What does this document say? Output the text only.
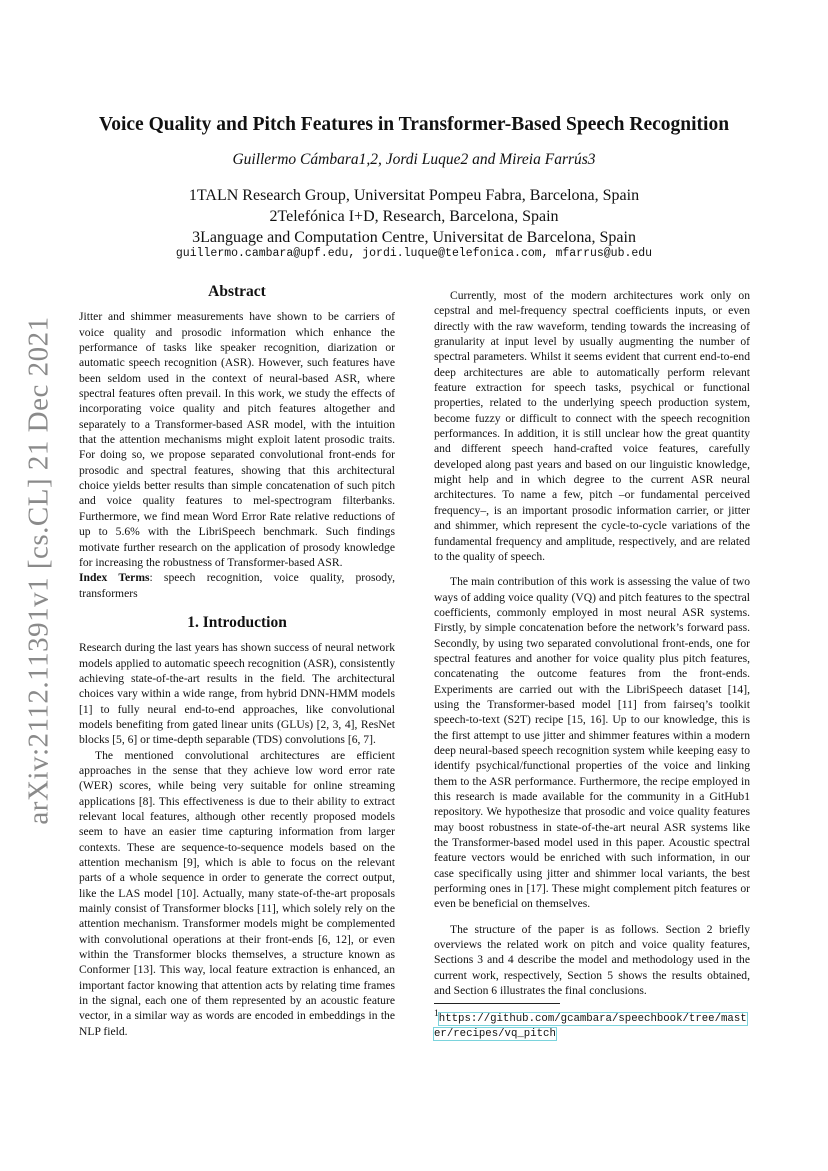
arXiv:2112.11391v1 [cs.CL] 21 Dec 2021
Voice Quality and Pitch Features in Transformer-Based Speech Recognition
Guillermo Cámbara1,2, Jordi Luque2 and Mireia Farrús3
1TALN Research Group, Universitat Pompeu Fabra, Barcelona, Spain
2Telefónica I+D, Research, Barcelona, Spain
3Language and Computation Centre, Universitat de Barcelona, Spain
guillermo.cambara@upf.edu, jordi.luque@telefonica.com, mfarrus@ub.edu

Abstract

Jitter and shimmer measurements have shown to be carriers of voice quality and prosodic information which enhance the performance of tasks like speaker recognition, diarization or automatic speech recognition (ASR). However, such features have been seldom used in the context of neural-based ASR, where spectral features often prevail. In this work, we study the effects of incorporating voice quality and pitch features altogether and separately to a Transformer-based ASR model, with the intuition that the attention mechanisms might exploit latent prosodic traits. For doing so, we propose separated convolutional front-ends for prosodic and spectral features, showing that this architectural choice yields better results than simple concatenation of such pitch and voice quality features to mel-spectrogram filterbanks. Furthermore, we find mean Word Error Rate relative reductions of up to 5.6% with the LibriSpeech benchmark. Such findings motivate further research on the application of prosody knowledge for increasing the robustness of Transformer-based ASR.

Index Terms: speech recognition, voice quality, prosody, transformers

1. Introduction

Research during the last years has shown success of neural network models applied to automatic speech recognition (ASR), consistently achieving state-of-the-art results in the field. The architectural choices vary within a wide range, from hybrid DNN-HMM models [1] to fully neural end-to-end approaches, like convolutional models benefiting from gated linear units (GLUs) [2, 3, 4], ResNet blocks [5, 6] or time-depth separable (TDS) convolutions [6, 7].

The mentioned convolutional architectures are efficient approaches in the sense that they achieve low word error rate (WER) scores, while being very suitable for online streaming applications [8]. This effectiveness is due to their ability to extract relevant local features, although other recently proposed models seem to have an easier time capturing information from larger contexts. These are sequence-to-sequence models based on the attention mechanism [9], which is able to focus on the relevant parts of a whole sequence in order to generate the correct output, like the LAS model [10]. Actually, many state-of-the-art proposals mainly consist of Transformer blocks [11], which solely rely on the attention mechanism. Transformer models might be complemented with convolutional operations at their front-ends [6, 12], or even within the Transformer blocks themselves, a structure known as Conformer [13]. This way, local feature extraction is enhanced, an important factor knowing that attention acts by relating time frames in the signal, each one of them represented by an acoustic feature vector, in a similar way as words are encoded in embeddings in the NLP field.

Currently, most of the modern architectures work only on cepstral and mel-frequency spectral coefficients inputs, or even directly with the raw waveform, tending towards the increasing of granularity at input level by usually augmenting the number of spectral parameters. Whilst it seems evident that current end-to-end deep architectures are able to automatically perform relevant feature extraction for speech tasks, psychical or functional properties, related to the underlying speech production system, become fuzzy or difficult to connect with the speech recognition performances. In addition, it is still unclear how the great quantity and different speech hand-crafted voice features, carefully developed along past years and based on our linguistic knowledge, might help and in which degree to the current ASR neural architectures. To name a few, pitch –or fundamental perceived frequency–, is an important prosodic information carrier, or jitter and shimmer, which represent the cycle-to-cycle variations of the fundamental frequency and amplitude, respectively, and are related to the quality of speech.

The main contribution of this work is assessing the value of two ways of adding voice quality (VQ) and pitch features to the spectral coefficients, commonly employed in most neural ASR systems. Firstly, by simple concatenation before the network’s forward pass. Secondly, by using two separated convolutional front-ends, one for spectral features and another for voice quality plus pitch features, concatenating the outcome features from the front-ends. Experiments are carried out with the LibriSpeech dataset [14], using the Transformer-based model [11] from fairseq’s toolkit speech-to-text (S2T) recipe [15, 16]. Up to our knowledge, this is the first attempt to use jitter and shimmer features within a modern deep neural-based speech recognition system while keeping easy to identify psychical/functional properties of the voice and linking them to the ASR performance. Furthermore, the recipe employed in this research is made available for the community in a GitHub1 repository. We hypothesize that prosodic and voice quality features may boost robustness in state-of-the-art neural ASR systems like the Transformer-based model used in this paper. Acoustic spectral feature vectors would be enriched with such information, in our case specifically using jitter and shimmer local variants, the best performing ones in [17]. These might complement pitch features or even be beneficial on themselves.

The structure of the paper is as follows. Section 2 briefly overviews the related work on pitch and voice quality features, Sections 3 and 4 describe the model and methodology used in the current work, respectively, Section 5 shows the results obtained, and Section 6 illustrates the final conclusions.

$^1$https://github.com/gcambara/speechbook/tree/master/recipes/vq_pitch
